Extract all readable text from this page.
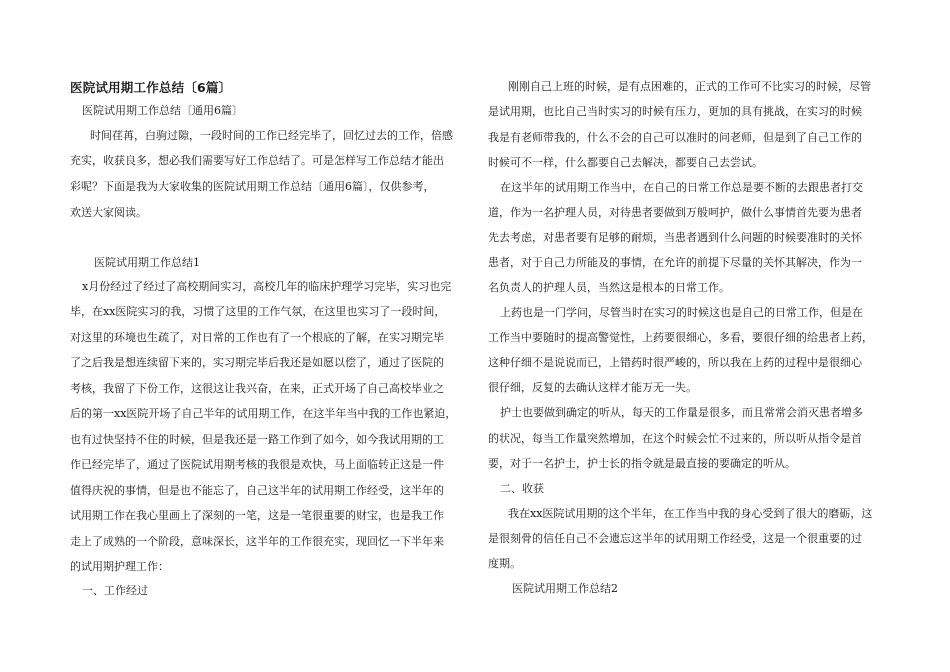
医院试用期工作总结〔6篇〕

医院试用期工作总结〔通用6篇〕

时间荏苒，白驹过隙，一段时间的工作已经完毕了，回忆过去的工作，倍感

充实，收获良多，想必我们需要写好工作总结了。可是怎样写工作总结才能出

彩呢？下面是我为大家收集的医院试用期工作总结〔通用6篇〕，仅供参考，

欢送大家阅读。

医院试用期工作总结1

x月份经过了经过了高校期间实习，高校几年的临床护理学习完毕，实习也完

毕，在xx医院实习的我，习惯了这里的工作气氛，在这里也实习了一段时间，

对这里的环境也生疏了，对日常的工作也有了一个根底的了解，在实习期完毕

了之后我是想连续留下来的，实习期完毕后我还是如愿以偿了，通过了医院的

考核，我留了下份工作，这很这让我兴奋，在来，正式开场了自己高校毕业之

后的第一xx医院开场了自己半年的试用期工作，在这半年当中我的工作也紧迫，

也有过快坚持不住的时候，但是我还是一路工作到了如今，如今我试用期的工

作已经完毕了，通过了医院试用期考核的我很是欢快，马上面临转正这是一件

值得庆祝的事情，但是也不能忘了，自己这半年的试用期工作经受，这半年的

试用期工作在我心里画上了深刻的一笔，这是一笔很重要的财宝，也是我工作

走上了成熟的一个阶段，意味深长，这半年的工作很充实，现回忆一下半年来

的试用期护理工作：

一、工作经过

刚刚自己上班的时候，是有点困难的，正式的工作可不比实习的时候，尽管

是试用期，也比自己当时实习的时候有压力，更加的具有挑战，在实习的时候

我是有老师带我的，什么不会的自己可以准时的问老师，但是到了自己工作的

时候可不一样，什么都要自己去解决，都要自己去尝试。

在这半年的试用期工作当中，在自己的日常工作总是要不断的去跟患者打交

道，作为一名护理人员，对待患者要做到万般呵护，做什么事情首先要为患者

先去考虑，对患者要有足够的耐烦，当患者遇到什么问题的时候要准时的关怀

患者，对于自己力所能及的事情，在允许的前提下尽量的关怀其解决，作为一

名负责人的护理人员，当然这是根本的日常工作。

上药也是一门学问，尽管当时在实习的时候这也是自己的日常工作，但是在

工作当中要随时的提高警觉性，上药要很细心，多看，要很仔细的给患者上药，

这种仔细不是说说而已，上错药时很严峻的，所以我在上药的过程中是很细心

很仔细，反复的去确认这样才能万无一失。

护士也要做到确定的听从，每天的工作量是很多，而且常常会消灭患者增多

的状况，每当工作量突然增加，在这个时候会忙不过来的，所以听从指令是首

要，对于一名护士，护士长的指令就是最直接的要确定的听从。

二、收获

我在xx医院试用期的这个半年，在工作当中我的身心受到了很大的磨砺，这

是很刻骨的信任自己不会遗忘这半年的试用期工作经受，这是一个很重要的过

度期。

医院试用期工作总结2
